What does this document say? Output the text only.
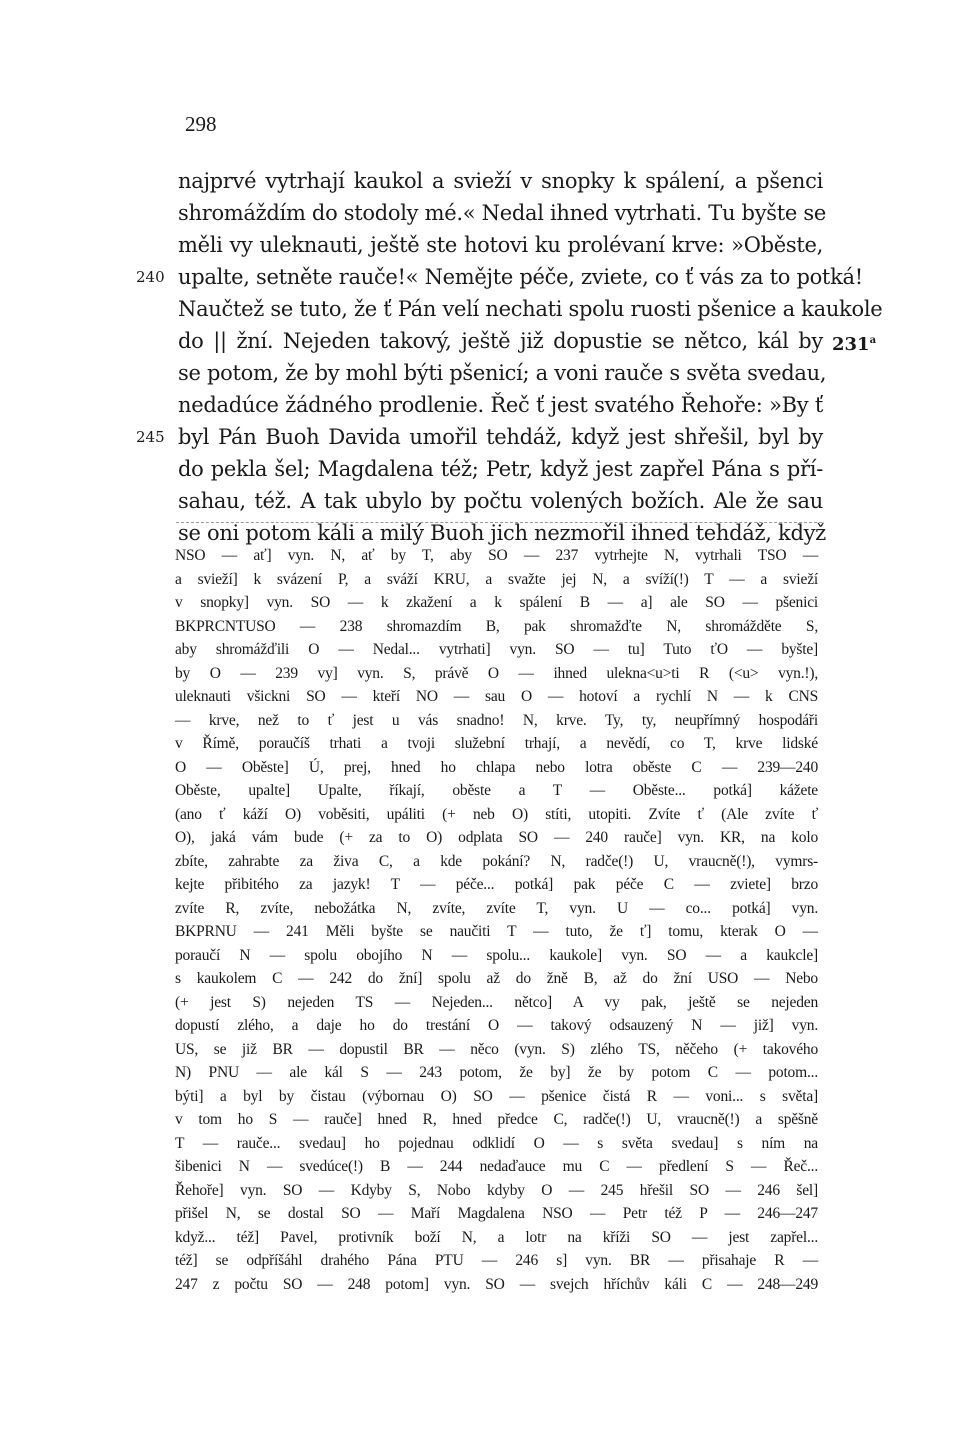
298
najprvé vytrhají kaukol a svieží v snopky k spálení, a pšenci
shromáždím do stodoly mé.« Nedal ihned vytrhati. Tu byšte se
měli vy uleknauti, ještě ste hotovi ku prolévaní krve: »Oběste,
upalte, setněte rauče!« Nemějte péče, zviete, co ť vás za to potká!
Naučtež se tuto, že ť Pán velí nechati spolu ruosti pšenice a kaukole
do || žní. Nejeden takový, ještě již dopustie se nětco, kál by
se potom, že by mohl býti pšenicí; a voni rauče s světa svedau,
nedadúce žádného prodlenie. Řeč ť jest svatého Řehoře: »By ť
byl Pán Buoh Davida umořil tehdáž, když jest shřešil, byl by
do pekla šel; Magdalena též; Petr, když jest zapřel Pána s pří-
sahau, též. A tak ubylo by počtu volených božích. Ale že sau
se oni potom káli a milý Buoh jich nezmořil ihned tehdáž, když
240
245
231$^a$
NSO — ať] vyn. N, ať by T, aby SO — 237 vytrhejte N, vytrhali TSO —
a svieží] k svázení P, a sváží KRU, a svažte jej N, a svíží(!) T — a svieží
v snopky] vyn. SO — k zkažení a k spálení B — a] ale SO — pšenici
BKPRCNTUSO — 238 shromazdím B, pak shromažďte N, shromážděte S,
aby shromážďili O — Nedal... vytrhati] vyn. SO — tu] Tuto ťO — byšte]
by O — 239 vy] vyn. S, právě O — ihned ulekna<u>ti R (<u> vyn.!),
uleknauti všickni SO — kteří NO — sau O — hotoví a rychlí N — k CNS
— krve, než to ť jest u vás snadno! N, krve. Ty, ty, neupřímný hospodáři
v Římě, poraučíš trhati a tvoji služební trhají, a nevědí, co T, krve lidské
O — Oběste] Ú, prej, hned ho chlapa nebo lotra oběste C — 239—240
Oběste, upalte] Upalte, říkají, oběste a T — Oběste... potká] kážete
(ano ť káží O) voběsiti, upáliti (+ neb O) stíti, utopiti. Zvíte ť (Ale zvíte ť
O), jaká vám bude (+ za to O) odplata SO — 240 rauče] vyn. KR, na kolo
zbíte, zahrabte za živa C, a kde pokání? N, radče(!) U, vraucně(!), vymrs-
kejte přibitého za jazyk! T — péče... potká] pak péče C — zviete] brzo
zvíte R, zvíte, nebožátka N, zvíte, zvíte T, vyn. U — co... potká] vyn.
BKPRNU — 241 Měli byšte se naučiti T — tuto, že ť] tomu, kterak O —
poraučí N — spolu obojího N — spolu... kaukole] vyn. SO — a kaukcle]
s kaukolem C — 242 do žní] spolu až do žně B, až do žní USO — Nebo
(+ jest S) nejeden TS — Nejeden... nětco] A vy pak, ještě se nejeden
dopustí zlého, a daje ho do trestání O — takový odsauzený N — již] vyn.
US, se již BR — dopustil BR — něco (vyn. S) zlého TS, něčeho (+ takového
N) PNU — ale kál S — 243 potom, že by] že by potom C — potom...
býti] a byl by čistau (výbornau O) SO — pšenice čistá R — voni... s světa]
v tom ho S — rauče] hned R, hned předce C, radče(!) U, vraucně(!) a spěšně
T — rauče... svedau] ho pojednau odklidí O — s světa svedau] s ním na
šibenici N — svedúce(!) B — 244 nedaďauce mu C — předlení S — Řeč...
Řehoře] vyn. SO — Kdyby S, Nobo kdyby O — 245 hřešil SO — 246 šel]
přišel N, se dostal SO — Maří Magdalena NSO — Petr též P — 246—247
když... též] Pavel, protivník boží N, a lotr na kříži SO — jest zapřel...
též] se odpříšáhl drahého Pána PTU — 246 s] vyn. BR — přisahaje R —
247 z počtu SO — 248 potom] vyn. SO — svejch hříchův káli C — 248—249
